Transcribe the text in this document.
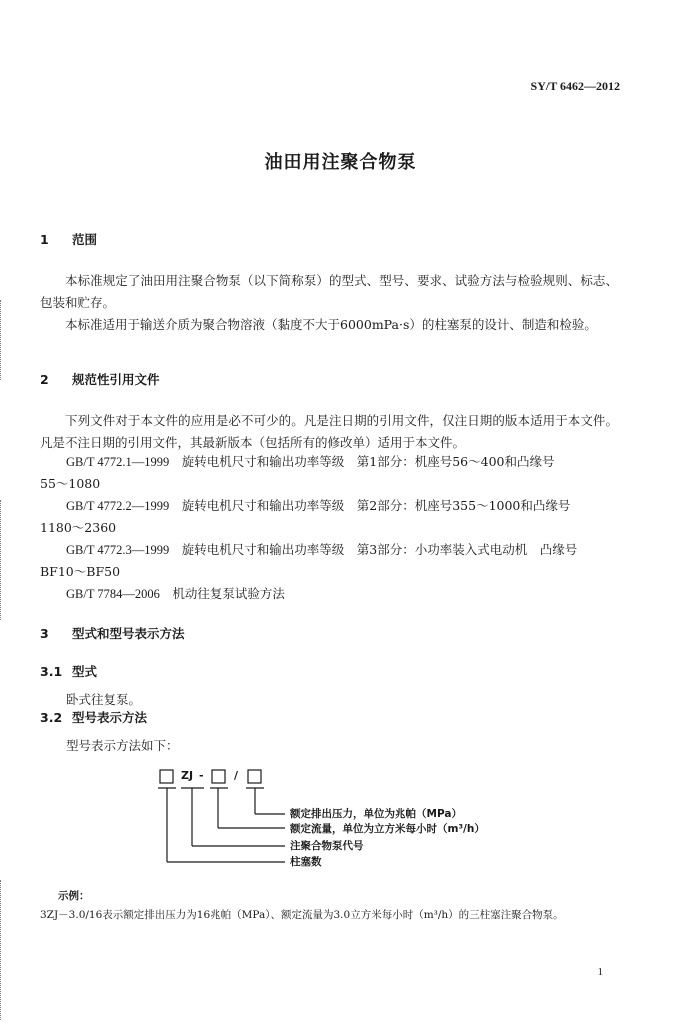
SY/T 6462—2012
油田用注聚合物泵
1 范围
本标准规定了油田用注聚合物泵（以下简称泵）的型式、型号、要求、试验方法与检验规则、标志、包装和贮存。
本标准适用于输送介质为聚合物溶液（黏度不大于6000mPa·s）的柱塞泵的设计、制造和检验。
2 规范性引用文件
下列文件对于本文件的应用是必不可少的。凡是注日期的引用文件，仅注日期的版本适用于本文件。凡是不注日期的引用文件，其最新版本（包括所有的修改单）适用于本文件。
GB/T 4772.1—1999　 旋转电机尺寸和输出功率等级　第1部分：机座号56～400和凸缘号
55～1080
GB/T 4772.2—1999　 旋转电机尺寸和输出功率等级　第2部分：机座号355～1000和凸缘号
1180～2360
GB/T 4772.3—1999　 旋转电机尺寸和输出功率等级　第3部分：小功率装入式电动机　凸缘号
BF10～BF50
GB/T 7784—2006　 机动往复泵试验方法
3 型式和型号表示方法
3.1 型式
卧式往复泵。
3.2 型号表示方法
型号表示方法如下：
ZJ -	/
额定排出压力，单位为兆帕（MPa）
额定流量，单位为立方米每小时（m³/h）
注聚合物泵代号
柱塞数
示例：
3ZJ－3.0/16表示额定排出压力为16兆帕（MPa）、额定流量为3.0立方米每小时（m³/h）的三柱塞注聚合物泵。
1
